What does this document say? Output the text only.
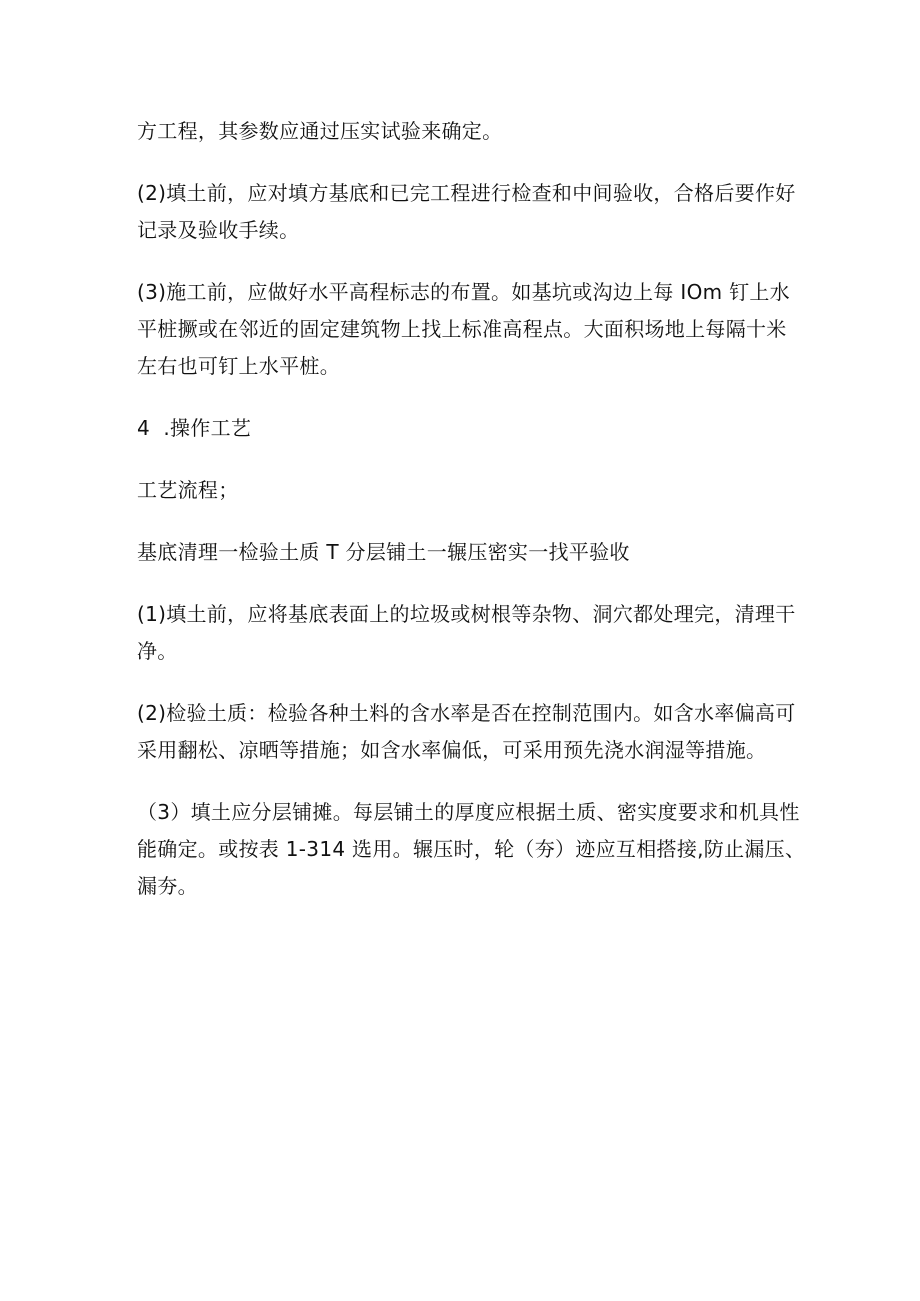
方工程，其参数应通过压实试验来确定。

(2)填土前，应对填方基底和已完工程进行检查和中间验收，合格后要作好
记录及验收手续。

(3)施工前，应做好水平高程标志的布置。如基坑或沟边上每 IOm 钉上水
平桩撅或在邻近的固定建筑物上找上标准高程点。大面积场地上每隔十米
左右也可钉上水平桩。

4  .操作工艺

工艺流程；

基底清理一检验土质 T 分层铺土一辗压密实一找平验收

(1)填土前，应将基底表面上的垃圾或树根等杂物、洞穴都处理完，清理干
净。

(2)检验土质：检验各种土料的含水率是否在控制范围内。如含水率偏高可
采用翻松、凉晒等措施；如含水率偏低，可采用预先浇水润湿等措施。

（3）填土应分层铺摊。每层铺土的厚度应根据土质、密实度要求和机具性
能确定。或按表 1-314 选用。辗压时，轮（夯）迹应互相搭接,防止漏压、
漏夯。
